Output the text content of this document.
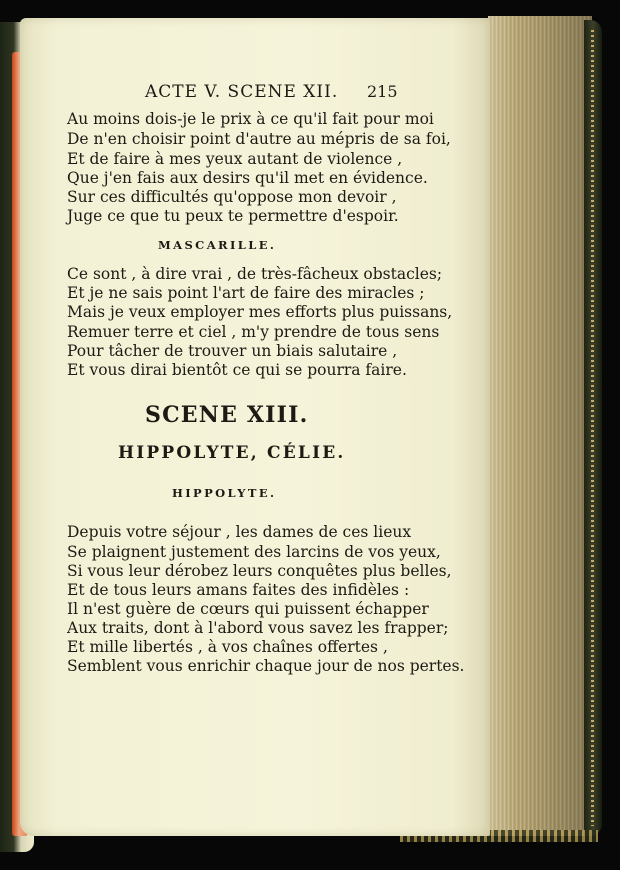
ACTE V. SCENE XII. 215
Au moins dois-je le prix à ce qu'il fait pour moi
De n'en choisir point d'autre au mépris de sa foi,
Et de faire à mes yeux autant de violence ,
Que j'en fais aux desirs qu'il met en évidence.
Sur ces difficultés qu'oppose mon devoir ,
Juge ce que tu peux te permettre d'espoir.
MASCARILLE.
Ce sont , à dire vrai , de très-fâcheux obstacles;
Et je ne sais point l'art de faire des miracles ;
Mais je veux employer mes efforts plus puissans,
Remuer terre et ciel , m'y prendre de tous sens
Pour tâcher de trouver un biais salutaire ,
Et vous dirai bientôt ce qui se pourra faire.
SCENE XIII.
HIPPOLYTE, CÉLIE.
HIPPOLYTE.
Depuis votre séjour , les dames de ces lieux
Se plaignent justement des larcins de vos yeux,
Si vous leur dérobez leurs conquêtes plus belles,
Et de tous leurs amans faites des infidèles :
Il n'est guère de cœurs qui puissent échapper
Aux traits, dont à l'abord vous savez les frapper;
Et mille libertés , à vos chaînes offertes ,
Semblent vous enrichir chaque jour de nos pertes.
